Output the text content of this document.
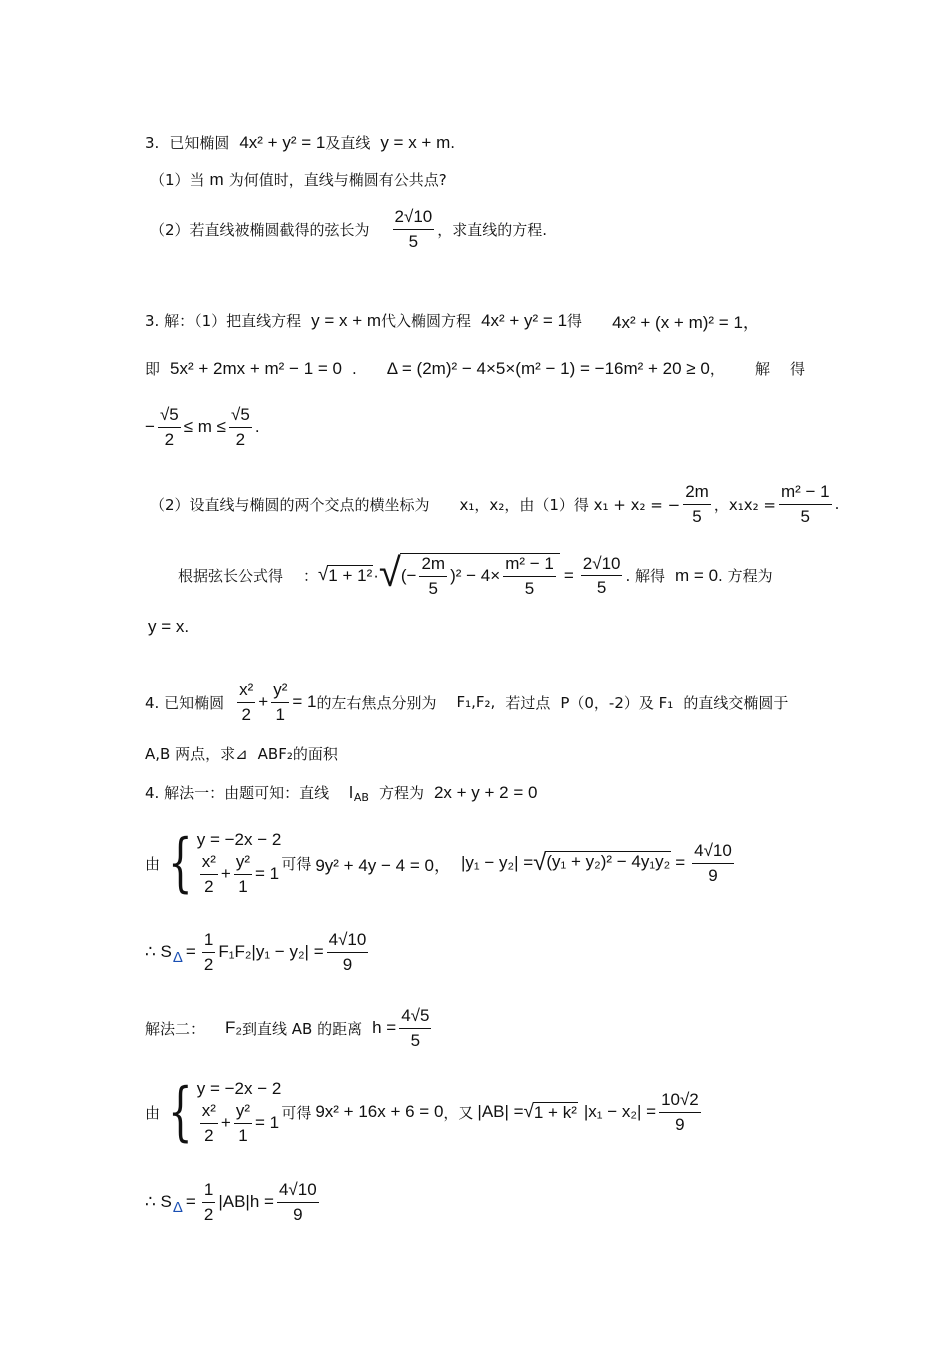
3. 已知椭圆 4x² + y² = 1 及直线 y = x + m .
（1）当 m 为何值时，直线与椭圆有公共点?
（2）若直线被椭圆截得的弦长为 $\frac{2√10}{5}$ ，求直线的方程.
3. 解：（1）把直线方程 y = x + m 代入椭圆方程 4x² + y² = 1 得 4x² + (x + m)² = 1，
即 5x² + 2mx + m² − 1 = 0 . Δ = (2m)² − 4×5×(m² − 1) = −16m² + 20 ≥ 0 ， 解 得
− $\frac{√5}{2} \le m \le \frac{√5}{2}$ .
（2）设直线与椭圆的两个交点的横坐标为 x₁，x₂，由（1）得 x₁ + x₂ = − $\frac{2m}{5}$ ，$x_1x_2 = \frac{\text{m² − 1}}{5}$ .
根据弦长公式得 ： √ 1 + 1² · √ (− $\frac{2m}{5} )^2 - 4\times \frac{\text{m² − 1}}{5} = \frac{2√10}{5}$ . 解得 m = 0 . 方程为
y = x.
4. 已知椭圆 $\frac{\text{x²}}{2} + \frac{\text{y²}}{1} = 1$ 的左右焦点分别为 F₁,F₂, 若过点 P（0，-2）及 F₁ 的直线交椭圆于
A,B 两点，求⊿ ABF₂ 的面积
4. 解法一：由题可知：直线 l AB 方程为 2x + y + 2 = 0
由 { y = −2x − 2
$\frac{\text{x²}}{2} + \frac{\text{y²}}{1} = 1$
可得 9y² + 4y − 4 = 0， |y₁ − y₂| = √ $(y_1 + y_2)^2 - 4y_1y_2 = \frac{4√10}{9}$
∴ S $\Delta = \frac{1}{2} F_1F_2|y_1 - y_2| = \frac{4√10}{9}$
解法二： F₂ 到直线 AB 的距离 $h = \frac{4√5}{5}$
由 { y = −2x − 2
$\frac{\text{x²}}{2} + \frac{\text{y²}}{1} = 1$
可得 9x² + 16x + 6 = 0 ，又 |AB| = √ 1 + k² $|x_1 - x_2| = \frac{10√2}{9}$
∴ S $\Delta = \frac{1}{2} |AB|h = \frac{4√10}{9}$
